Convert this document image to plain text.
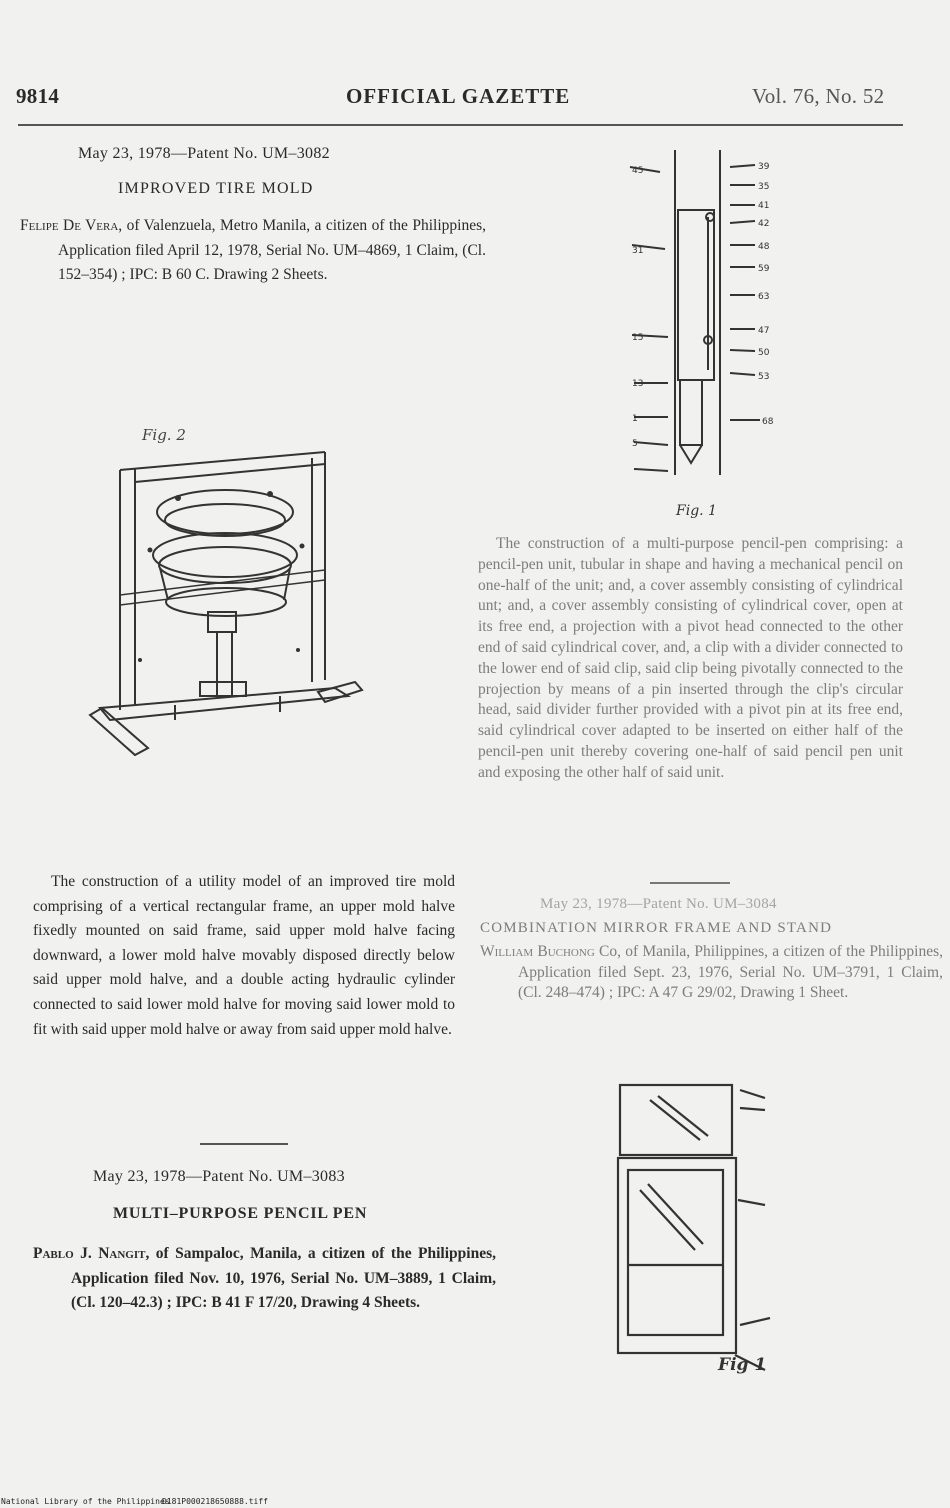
9814	OFFICIAL GAZETTE	Vol. 76, No. 52
May 23, 1978—Patent No. UM–3082
IMPROVED TIRE MOLD
Felipe De Vera, of Valenzuela, Metro Manila, a citizen of the Philippines, Application filed April 12, 1978, Serial No. UM–4869, 1 Claim, (Cl. 152–354) ; IPC: B 60 C. Drawing 2 Sheets.
Fig. 2
The construction of a utility model of an improved tire mold comprising of a vertical rectangular frame, an upper mold halve fixedly mounted on said frame, said upper mold halve facing downward, a lower mold halve movably disposed directly below said upper mold halve, and a double acting hydraulic cylinder connected to said lower mold halve for moving said lower mold to fit with said upper mold halve or away from said upper mold halve.
May 23, 1978—Patent No. UM–3083
MULTI–PURPOSE PENCIL PEN
Pablo J. Nangit, of Sampaloc, Manila, a citizen of the Philippines, Application filed Nov. 10, 1976, Serial No. UM–3889, 1 Claim, (Cl. 120–42.3) ; IPC: B 41 F 17/20, Drawing 4 Sheets.
45
31
15
13
1
5
39
35
41
42
48
59
63
47
50
53
68
Fig. 1
The construction of a multi-purpose pencil-pen comprising: a pencil-pen unit, tubular in shape and having a mechanical pencil on one-half of the unit; and, a cover assembly consisting of cylindrical unt; and, a cover assembly consisting of cylindrical cover, open at its free end, a projection with a pivot head connected to the other end of said cylindrical cover, and, a clip with a divider connected to the lower end of said clip, said clip being pivotally connected to the projection by means of a pin inserted through the clip's circular head, said divider further provided with a pivot pin at its free end, said cylindrical cover adapted to be inserted on either half of the pencil-pen unit thereby covering one-half of said pencil pen unit and exposing the other half of said unit.
May 23, 1978—Patent No. UM–3084
COMBINATION MIRROR FRAME AND STAND
William Buchong Co, of Manila, Philippines, a citizen of the Philippines, Application filed Sept. 23, 1976, Serial No. UM–3791, 1 Claim, (Cl. 248–474) ; IPC: A 47 G 29/02, Drawing 1 Sheet.
Fig 1
National Library of the Philippines
D181P000218650888.tiff
